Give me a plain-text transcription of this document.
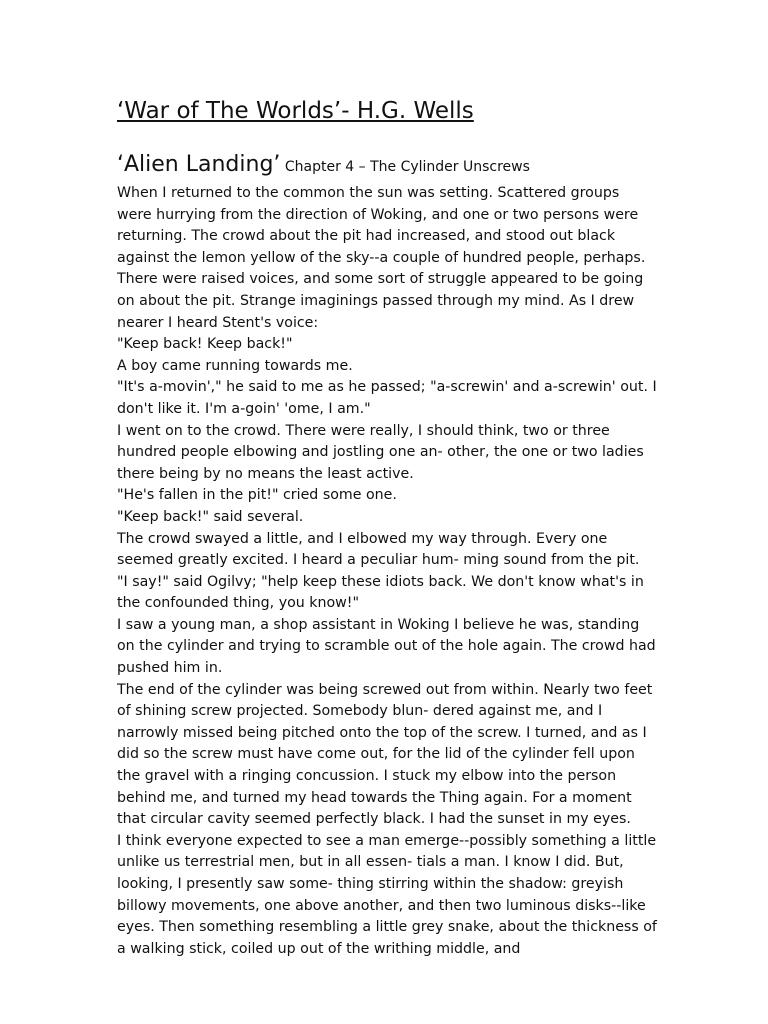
‘War of The Worlds’- H.G. Wells
‘Alien Landing’ Chapter 4 – The Cylinder Unscrews

When I returned to the common the sun was setting. Scattered groups were hurrying from the direction of Woking, and one or two persons were returning. The crowd about the pit had increased, and stood out black against the lemon yellow of the sky--a couple of hundred people, perhaps. There were raised voices, and some sort of struggle appeared to be going on about the pit. Strange imaginings passed through my mind. As I drew nearer I heard Stent's voice:

"Keep back! Keep back!"

A boy came running towards me.

"It's a-movin'," he said to me as he passed; "a-screwin' and a-screwin' out. I don't like it. I'm a-goin' 'ome, I am."

I went on to the crowd. There were really, I should think, two or three hundred people elbowing and jostling one an- other, the one or two ladies there being by no means the least active.

"He's fallen in the pit!" cried some one.

"Keep back!" said several.

The crowd swayed a little, and I elbowed my way through. Every one seemed greatly excited. I heard a peculiar hum- ming sound from the pit.

"I say!" said Ogilvy; "help keep these idiots back. We don't know what's in the confounded thing, you know!"

I saw a young man, a shop assistant in Woking I believe he was, standing on the cylinder and trying to scramble out of the hole again. The crowd had pushed him in.

The end of the cylinder was being screwed out from within. Nearly two feet of shining screw projected. Somebody blun- dered against me, and I narrowly missed being pitched onto the top of the screw. I turned, and as I did so the screw must have come out, for the lid of the cylinder fell upon the gravel with a ringing concussion. I stuck my elbow into the person behind me, and turned my head towards the Thing again. For a moment that circular cavity seemed perfectly black. I had the sunset in my eyes.

I think everyone expected to see a man emerge--possibly something a little unlike us terrestrial men, but in all essen- tials a man. I know I did. But, looking, I presently saw some- thing stirring within the shadow: greyish billowy movements, one above another, and then two luminous disks--like eyes. Then something resembling a little grey snake, about the thickness of a walking stick, coiled up out of the writhing middle, and
